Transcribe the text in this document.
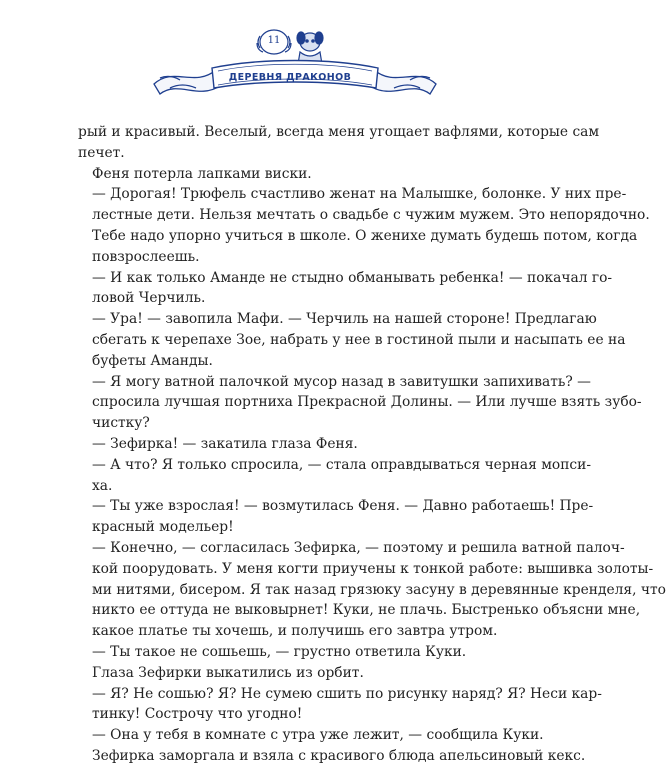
11
ДЕРЕВНЯ ДРАКОНОВ

рый и красивый. Веселый, всегда меня угощает вафлями, которые сам
печет.

Феня потерла лапками виски.

— Дорогая! Трюфель счастливо женат на Малышке, болонке. У них пре-
лестные дети. Нельзя мечтать о свадьбе с чужим мужем. Это непорядочно.
Тебе надо упорно учиться в школе. О женихе думать будешь потом, когда
повзрослеешь.

— И как только Аманде не стыдно обманывать ребенка! — покачал го-
ловой Черчиль.

— Ура! — завопила Мафи. — Черчиль на нашей стороне! Предлагаю
сбегать к черепахе Зое, набрать у нее в гостиной пыли и насыпать ее на
буфеты Аманды.

— Я могу ватной палочкой мусор назад в завитушки запихивать? —
спросила лучшая портниха Прекрасной Долины. — Или лучше взять зубо-
чистку?

— Зефирка! — закатила глаза Феня.

— А что? Я только спросила, — стала оправдываться черная мопси-
ха.

— Ты уже взрослая! — возмутилась Феня. — Давно работаешь! Пре-
красный модельер!

— Конечно, — согласилась Зефирка, — поэтому и решила ватной палоч-
кой поорудовать. У меня когти приучены к тонкой работе: вышивка золоты-
ми нитями, бисером. Я так назад грязюку засуну в деревянные кренделя, что
никто ее оттуда не выковырнет! Куки, не плачь. Быстренько объясни мне,
какое платье ты хочешь, и получишь его завтра утром.

— Ты такое не сошьешь, — грустно ответила Куки.

Глаза Зефирки выкатились из орбит.

— Я? Не сошью? Я? Не сумею сшить по рисунку наряд? Я? Неси кар-
тинку! Сострочу что угодно!

— Она у тебя в комнате с утра уже лежит, — сообщила Куки.

Зефирка заморгала и взяла с красивого блюда апельсиновый кекс.
